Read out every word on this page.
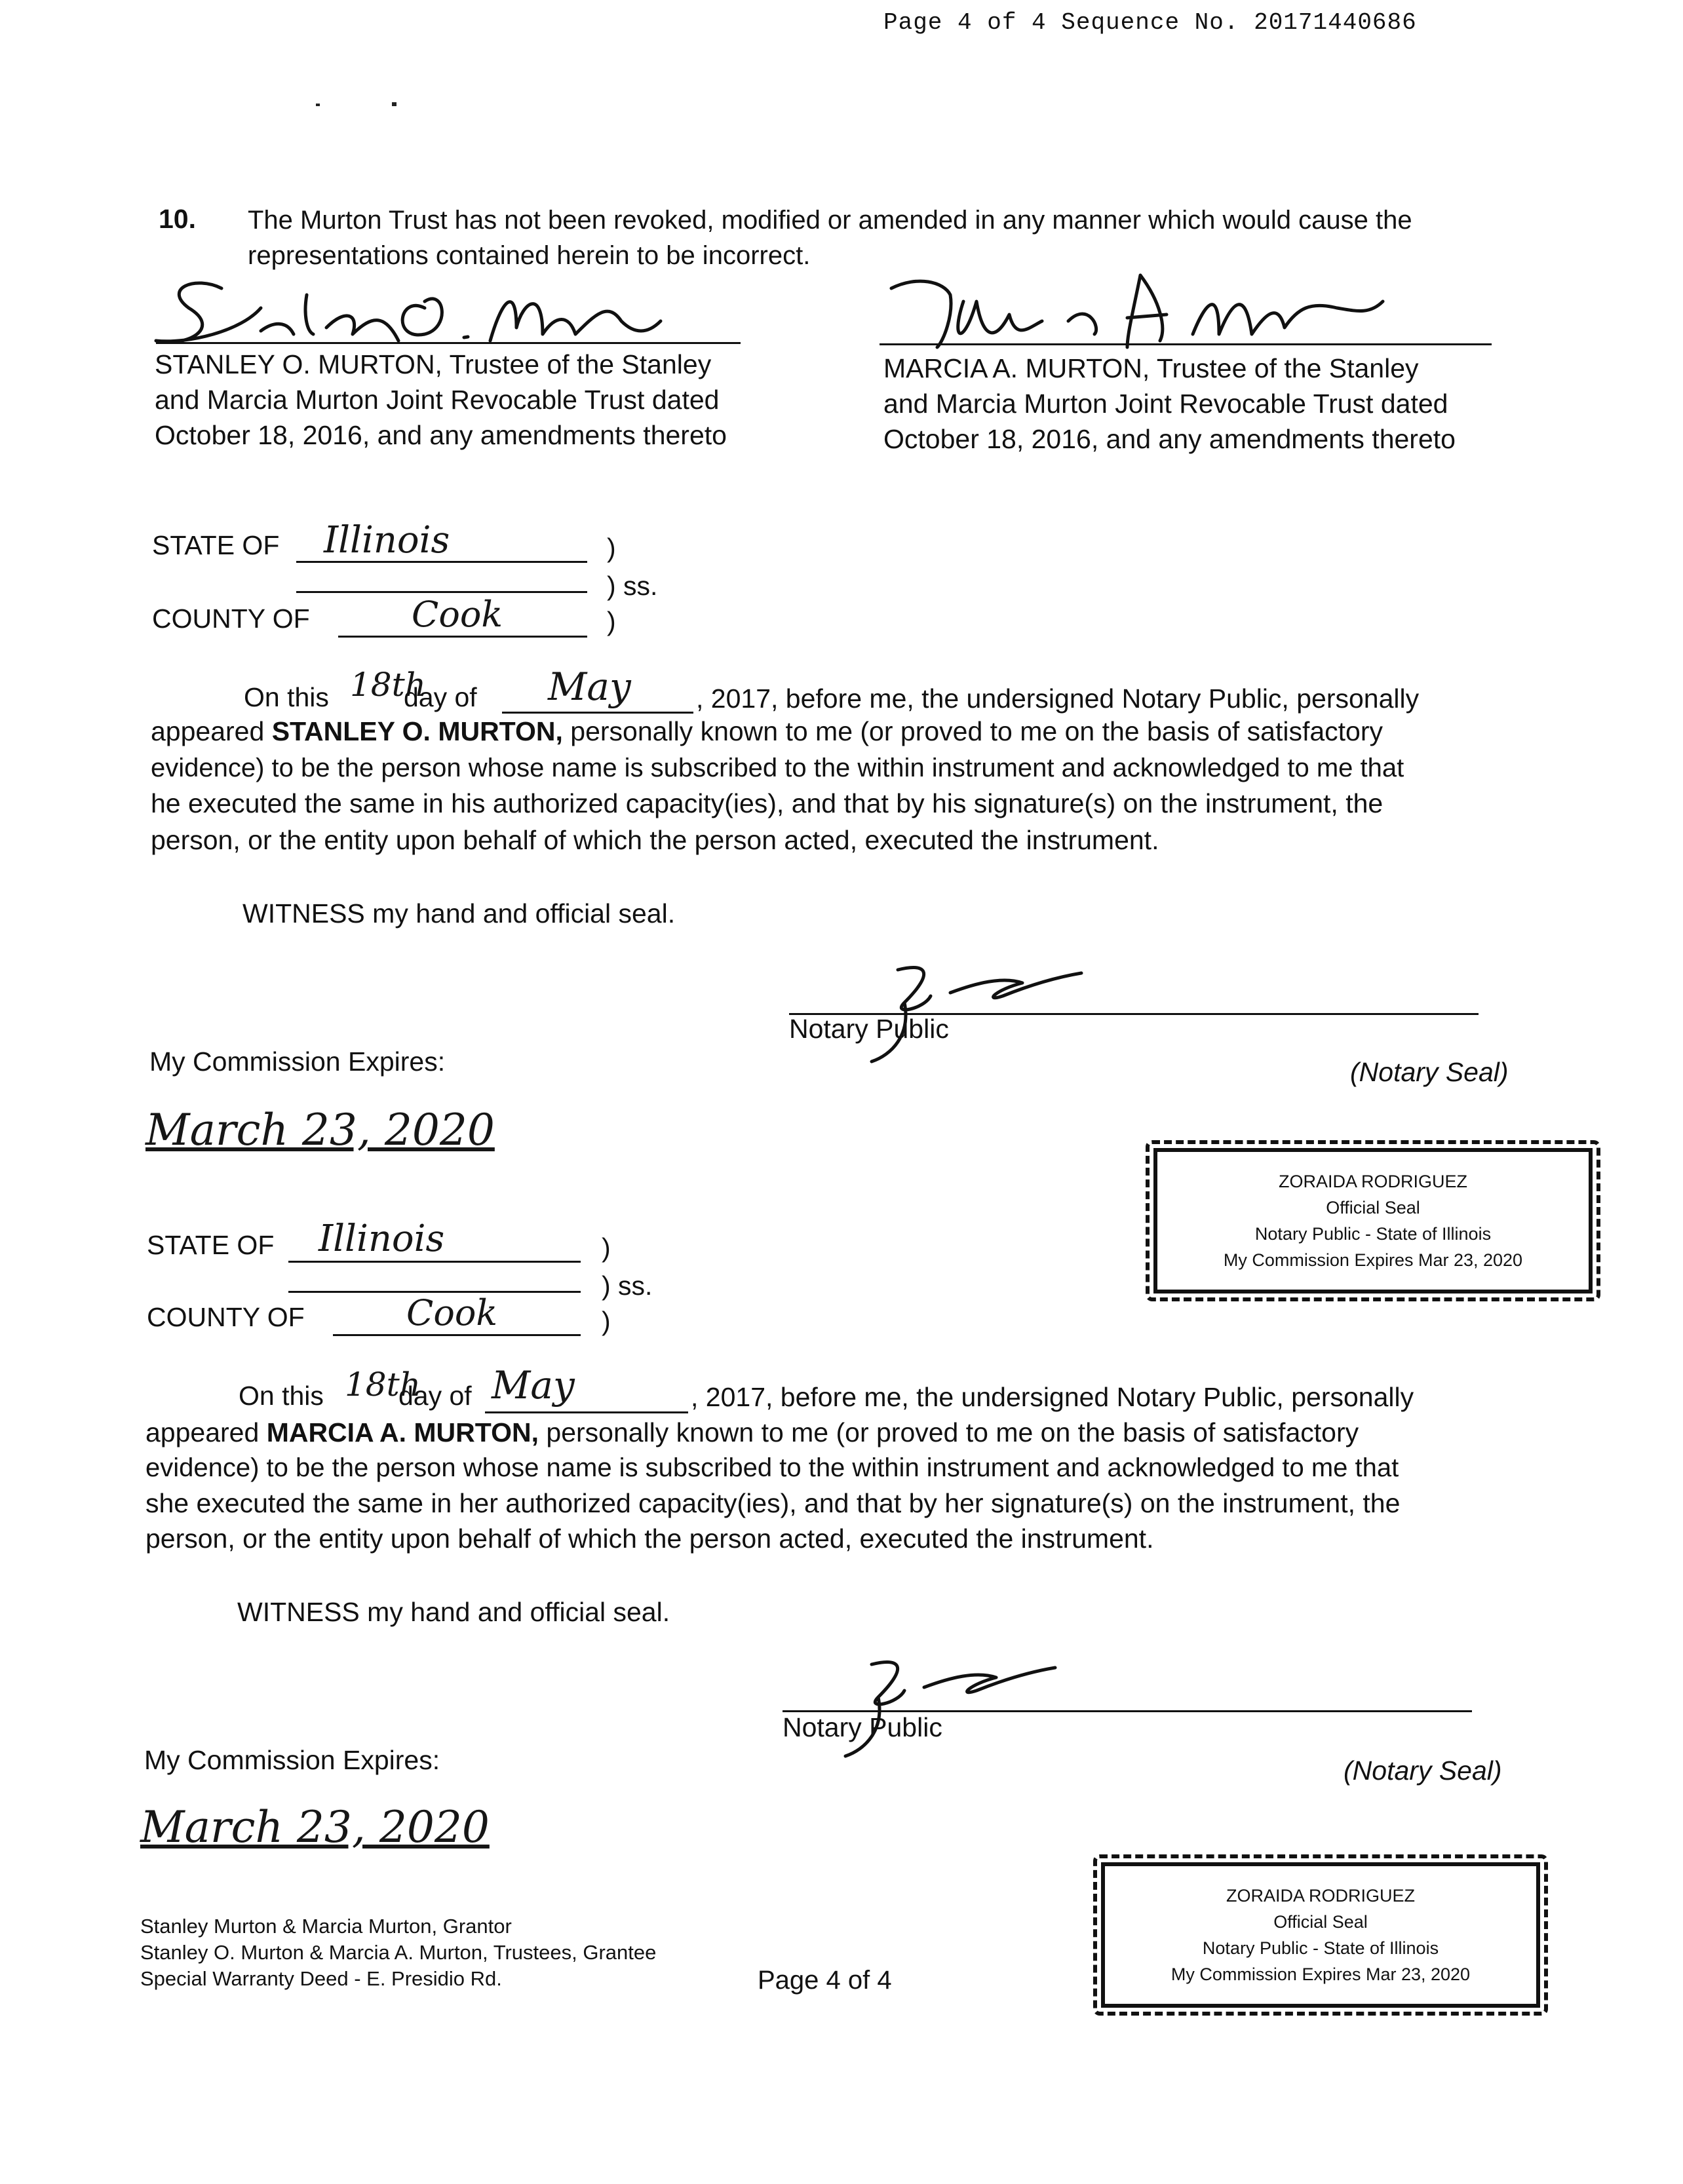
Page 4 of 4 Sequence No. 20171440686
10. The Murton Trust has not been revoked, modified or amended in any manner which would cause the
representations contained herein to be incorrect.
STANLEY O. MURTON, Trustee of the Stanley
and Marcia Murton Joint Revocable Trust dated
October 18, 2016, and any amendments thereto
MARCIA A. MURTON, Trustee of the Stanley
and Marcia Murton Joint Revocable Trust dated
October 18, 2016, and any amendments thereto
STATE OF Illinois	)
) ss.
COUNTY OF	Cook	)
On this 18th
day of May , 2017, before me, the undersigned Notary Public, personally
appeared STANLEY O. MURTON, personally known to me (or proved to me on the basis of satisfactory
evidence) to be the person whose name is subscribed to the within instrument and acknowledged to me that
he executed the same in his authorized capacity(ies), and that by his signature(s) on the instrument, the
person, or the entity upon behalf of which the person acted, executed the instrument.
WITNESS my hand and official seal.
Notary Public
My Commission Expires:	(Notary Seal)
March 23, 2020
ZORAIDA RODRIGUEZ
Official Seal
Notary Public - State of Illinois
My Commission Expires Mar 23, 2020
STATE OF Illinois	)
) ss.
COUNTY OF	Cook	)
On this 18th
day of May	, 2017, before me, the undersigned Notary Public, personally
appeared MARCIA A. MURTON, personally known to me (or proved to me on the basis of satisfactory
evidence) to be the person whose name is subscribed to the within instrument and acknowledged to me that
she executed the same in her authorized capacity(ies), and that by her signature(s) on the instrument, the
person, or the entity upon behalf of which the person acted, executed the instrument.
WITNESS my hand and official seal.
Notary Public
My Commission Expires:	(Notary Seal)
March 23, 2020
ZORAIDA RODRIGUEZ
Official Seal
Notary Public - State of Illinois
My Commission Expires Mar 23, 2020
Stanley Murton & Marcia Murton, Grantor
Stanley O. Murton & Marcia A. Murton, Trustees, Grantee
Special Warranty Deed - E. Presidio Rd.	Page 4 of 4
